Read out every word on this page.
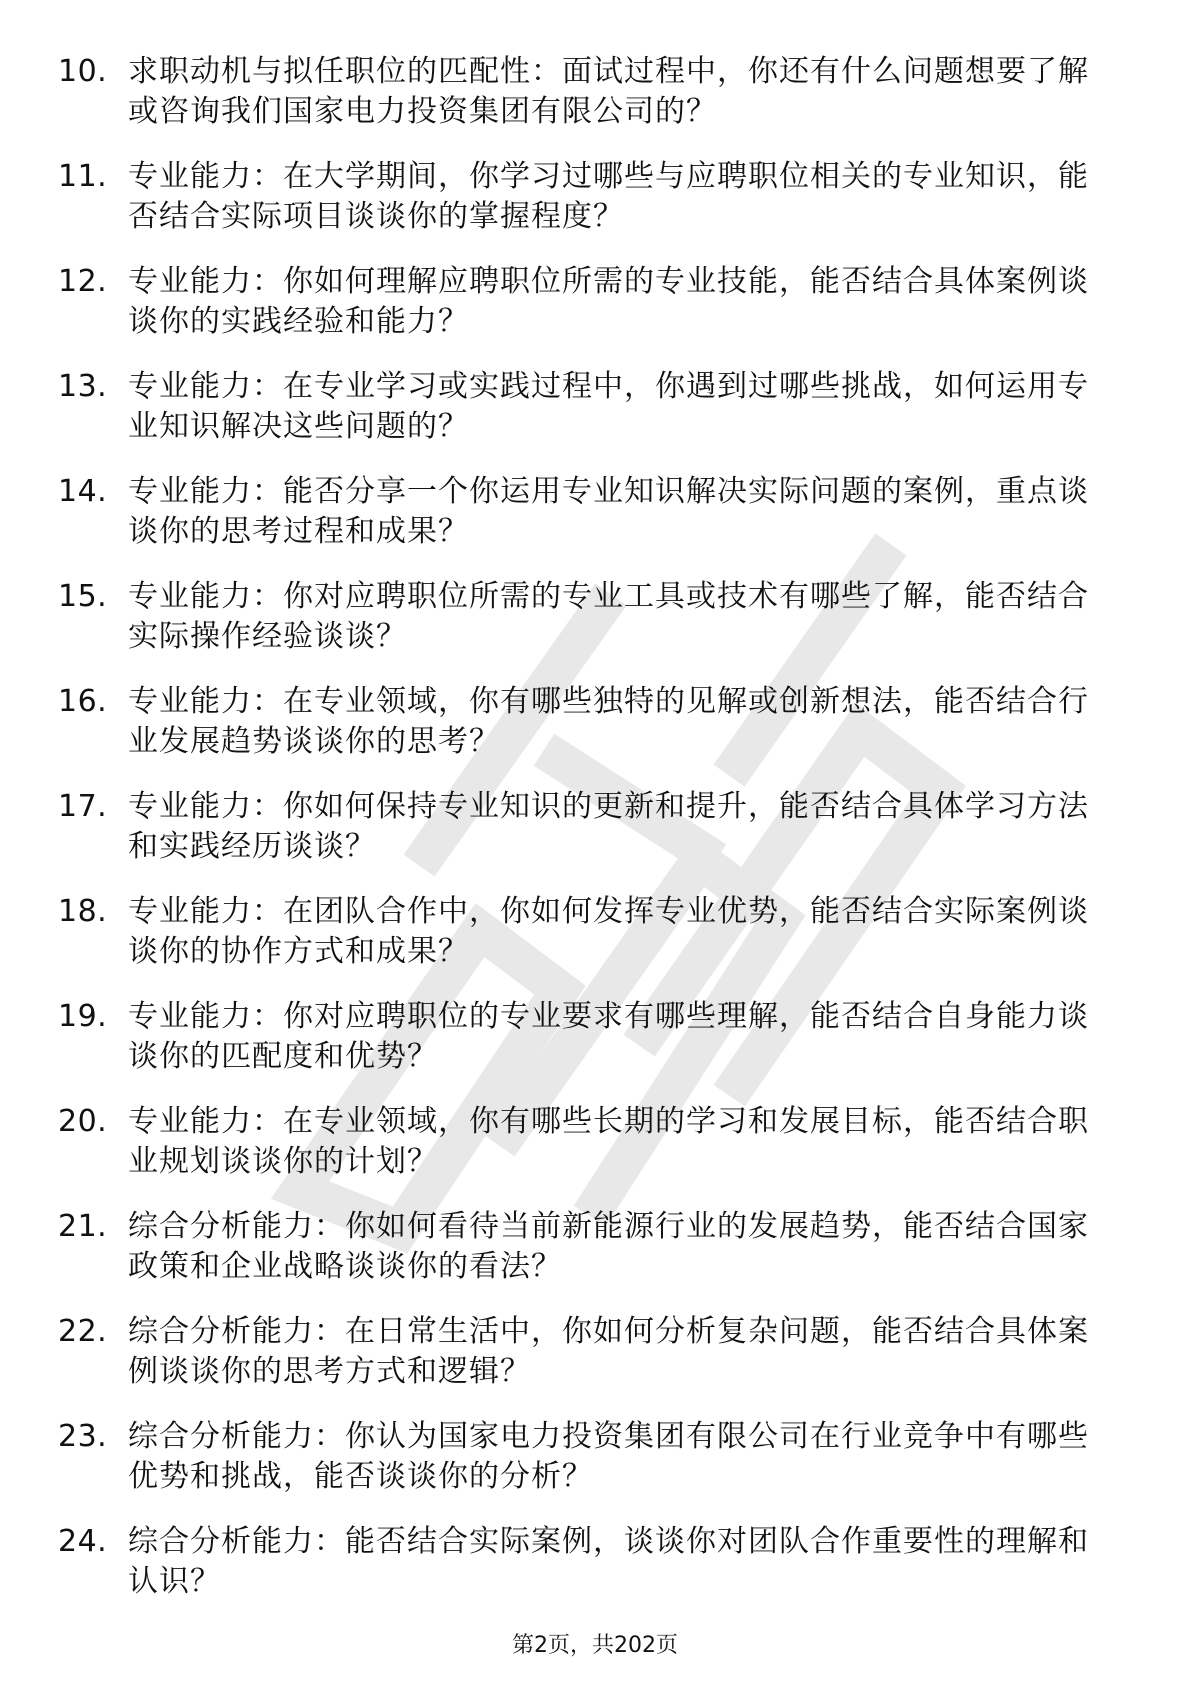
10. 求职动机与拟任职位的匹配性：面试过程中，你还有什么问题想要了解或咨询我们国家电力投资集团有限公司的？
11. 专业能力：在大学期间，你学习过哪些与应聘职位相关的专业知识，能否结合实际项目谈谈你的掌握程度？
12. 专业能力：你如何理解应聘职位所需的专业技能，能否结合具体案例谈谈你的实践经验和能力？
13. 专业能力：在专业学习或实践过程中，你遇到过哪些挑战，如何运用专业知识解决这些问题的？
14. 专业能力：能否分享一个你运用专业知识解决实际问题的案例，重点谈谈你的思考过程和成果？
15. 专业能力：你对应聘职位所需的专业工具或技术有哪些了解，能否结合实际操作经验谈谈？
16. 专业能力：在专业领域，你有哪些独特的见解或创新想法，能否结合行业发展趋势谈谈你的思考？
17. 专业能力：你如何保持专业知识的更新和提升，能否结合具体学习方法和实践经历谈谈？
18. 专业能力：在团队合作中，你如何发挥专业优势，能否结合实际案例谈谈你的协作方式和成果？
19. 专业能力：你对应聘职位的专业要求有哪些理解，能否结合自身能力谈谈你的匹配度和优势？
20. 专业能力：在专业领域，你有哪些长期的学习和发展目标，能否结合职业规划谈谈你的计划？
21. 综合分析能力：你如何看待当前新能源行业的发展趋势，能否结合国家政策和企业战略谈谈你的看法？
22. 综合分析能力：在日常生活中，你如何分析复杂问题，能否结合具体案例谈谈你的思考方式和逻辑？
23. 综合分析能力：你认为国家电力投资集团有限公司在行业竞争中有哪些优势和挑战，能否谈谈你的分析？
24. 综合分析能力：能否结合实际案例，谈谈你对团队合作重要性的理解和认识？
第2页，共202页
